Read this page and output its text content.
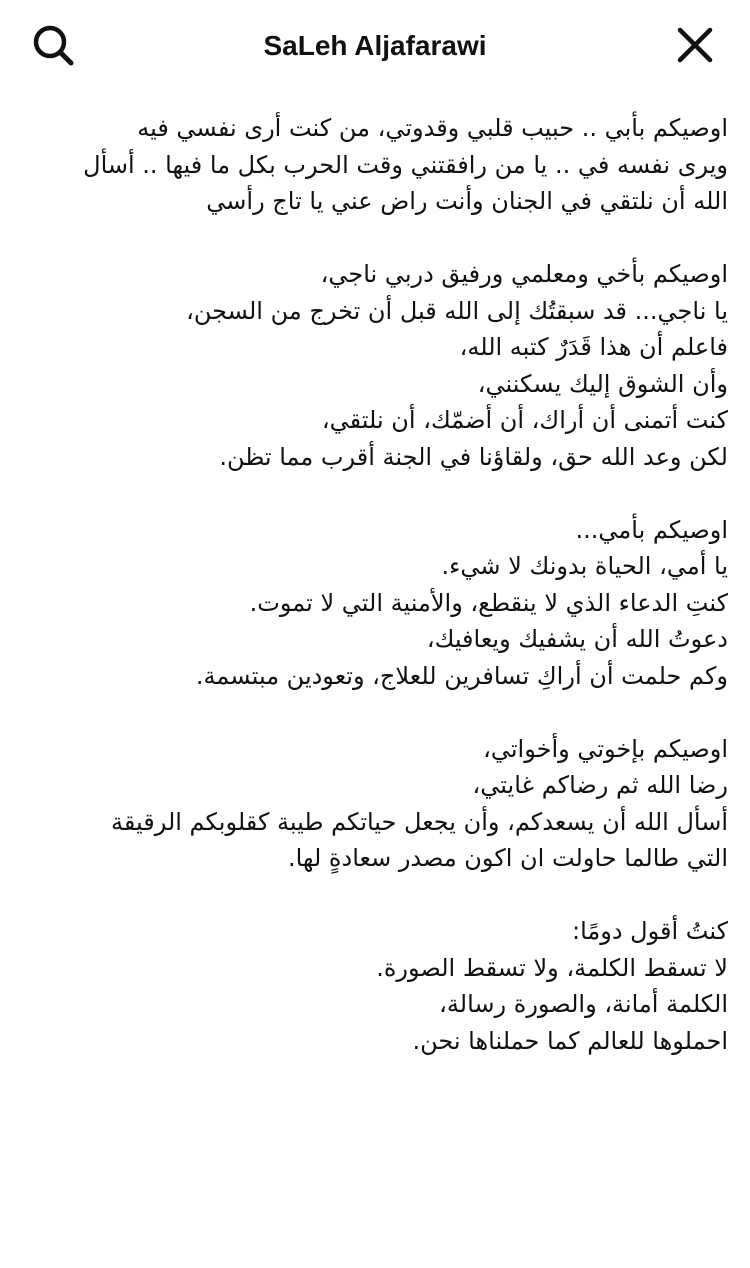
SaLeh Aljafarawi

اوصيكم بأبي .. حبيب قلبي وقدوتي، من كنت أرى نفسي فيه
ويرى نفسه في .. يا من رافقتني وقت الحرب بكل ما فيها .. أسأل
الله أن نلتقي في الجنان وأنت راض عني يا تاج رأسي

اوصيكم بأخي ومعلمي ورفيق دربي ناجي،
يا ناجي... قد سبقتُك إلى الله قبل أن تخرج من السجن،
فاعلم أن هذا قَدَرٌ كتبه الله،
وأن الشوق إليك يسكنني،
كنت أتمنى أن أراك، أن أضمّك، أن نلتقي،
لكن وعد الله حق، ولقاؤنا في الجنة أقرب مما تظن.

اوصيكم بأمي...
يا أمي، الحياة بدونك لا شيء.
كنتِ الدعاء الذي لا ينقطع، والأمنية التي لا تموت.
دعوتُ الله أن يشفيك ويعافيك،
وكم حلمت أن أراكِ تسافرين للعلاج، وتعودين مبتسمة.

اوصيكم بإخوتي وأخواتي،
رضا الله ثم رضاكم غايتي،
أسأل الله أن يسعدكم، وأن يجعل حياتكم طيبة كقلوبكم الرقيقة
التي طالما حاولت ان اكون مصدر سعادةٍ لها.

كنتُ أقول دومًا:
لا تسقط الكلمة، ولا تسقط الصورة.
الكلمة أمانة، والصورة رسالة،
احملوها للعالم كما حملناها نحن.
